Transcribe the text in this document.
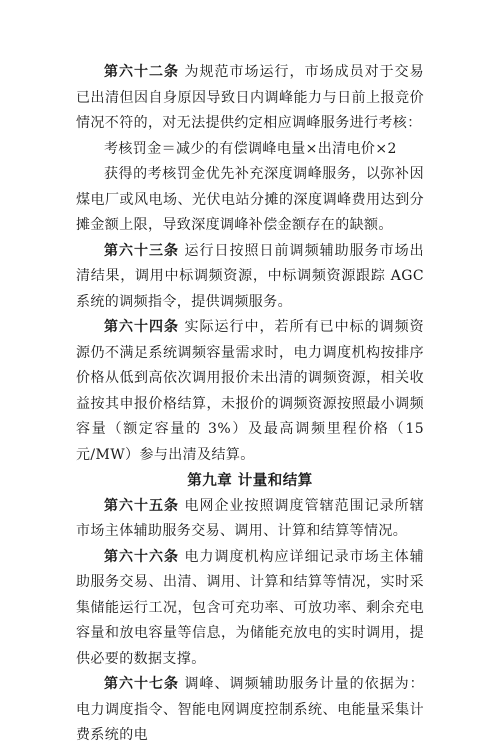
第六十二条 为规范市场运行，市场成员对于交易已出清但因自身原因导致日内调峰能力与日前上报竞价情况不符的，对无法提供约定相应调峰服务进行考核：

考核罚金＝减少的有偿调峰电量×出清电价×2

获得的考核罚金优先补充深度调峰服务，以弥补因煤电厂或风电场、光伏电站分摊的深度调峰费用达到分摊金额上限，导致深度调峰补偿金额存在的缺额。

第六十三条 运行日按照日前调频辅助服务市场出清结果，调用中标调频资源，中标调频资源跟踪 AGC 系统的调频指令，提供调频服务。

第六十四条 实际运行中，若所有已中标的调频资源仍不满足系统调频容量需求时，电力调度机构按排序价格从低到高依次调用报价未出清的调频资源，相关收益按其申报价格结算，未报价的调频资源按照最小调频容量（额定容量的 3%）及最高调频里程价格（15 元/MW）参与出清及结算。

第九章 计量和结算

第六十五条 电网企业按照调度管辖范围记录所辖市场主体辅助服务交易、调用、计算和结算等情况。

第六十六条 电力调度机构应详细记录市场主体辅助服务交易、出清、调用、计算和结算等情况，实时采集储能运行工况，包含可充功率、可放功率、剩余充电容量和放电容量等信息，为储能充放电的实时调用，提供必要的数据支撑。

第六十七条 调峰、调频辅助服务计量的依据为：电力调度指令、智能电网调度控制系统、电能量采集计费系统的电
